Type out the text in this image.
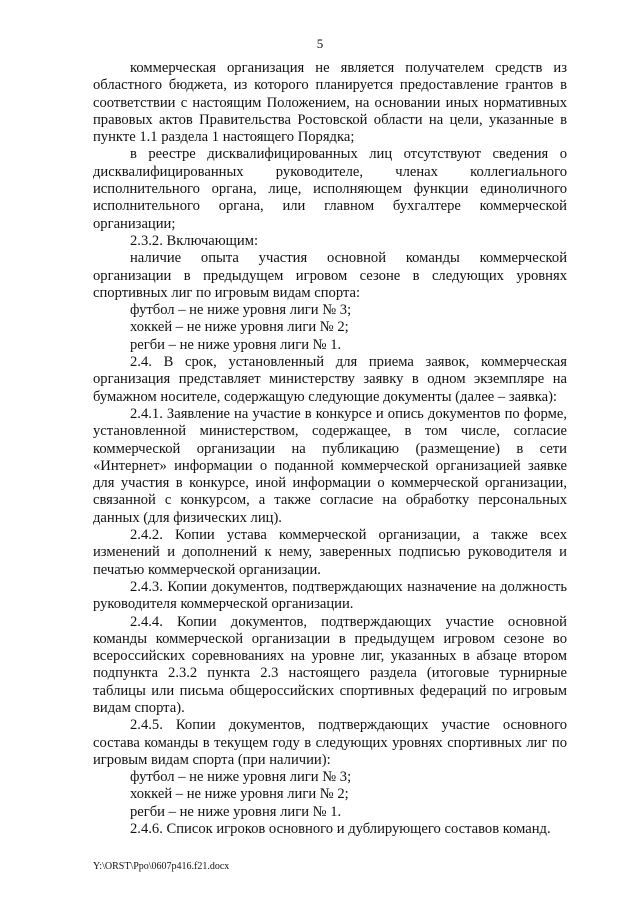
5

коммерческая организация не является получателем средств из областного бюджета, из которого планируется предоставление грантов в соответствии с настоящим Положением, на основании иных нормативных правовых актов Правительства Ростовской области на цели, указанные в пункте 1.1 раздела 1 настоящего Порядка;

в реестре дисквалифицированных лиц отсутствуют сведения о дисквалифицированных руководителе, членах коллегиального исполнительного органа, лице, исполняющем функции единоличного исполнительного органа, или главном бухгалтере коммерческой организации;

2.3.2. Включающим:

наличие опыта участия основной команды коммерческой организации в предыдущем игровом сезоне в следующих уровнях спортивных лиг по игровым видам спорта:

футбол – не ниже уровня лиги № 3;

хоккей – не ниже уровня лиги № 2;

регби – не ниже уровня лиги № 1.

2.4. В срок, установленный для приема заявок, коммерческая организация представляет министерству заявку в одном экземпляре на бумажном носителе, содержащую следующие документы (далее – заявка):

2.4.1. Заявление на участие в конкурсе и опись документов по форме, установленной министерством, содержащее, в том числе, согласие коммерческой организации на публикацию (размещение) в сети «Интернет» информации о поданной коммерческой организацией заявке для участия в конкурсе, иной информации о коммерческой организации, связанной с конкурсом, а также согласие на обработку персональных данных (для физических лиц).

2.4.2. Копии устава коммерческой организации, а также всех изменений и дополнений к нему, заверенных подписью руководителя и печатью коммерческой организации.

2.4.3. Копии документов, подтверждающих назначение на должность руководителя коммерческой организации.

2.4.4. Копии документов, подтверждающих участие основной команды коммерческой организации в предыдущем игровом сезоне во всероссийских соревнованиях на уровне лиг, указанных в абзаце втором подпункта 2.3.2 пункта 2.3 настоящего раздела (итоговые турнирные таблицы или письма общероссийских спортивных федераций по игровым видам спорта).

2.4.5. Копии документов, подтверждающих участие основного состава команды в текущем году в следующих уровнях спортивных лиг по игровым видам спорта (при наличии):

футбол – не ниже уровня лиги № 3;

хоккей – не ниже уровня лиги № 2;

регби – не ниже уровня лиги № 1.

2.4.6. Список игроков основного и дублирующего составов команд.

Y:\ORST\Ppo\0607p416.f21.docx
